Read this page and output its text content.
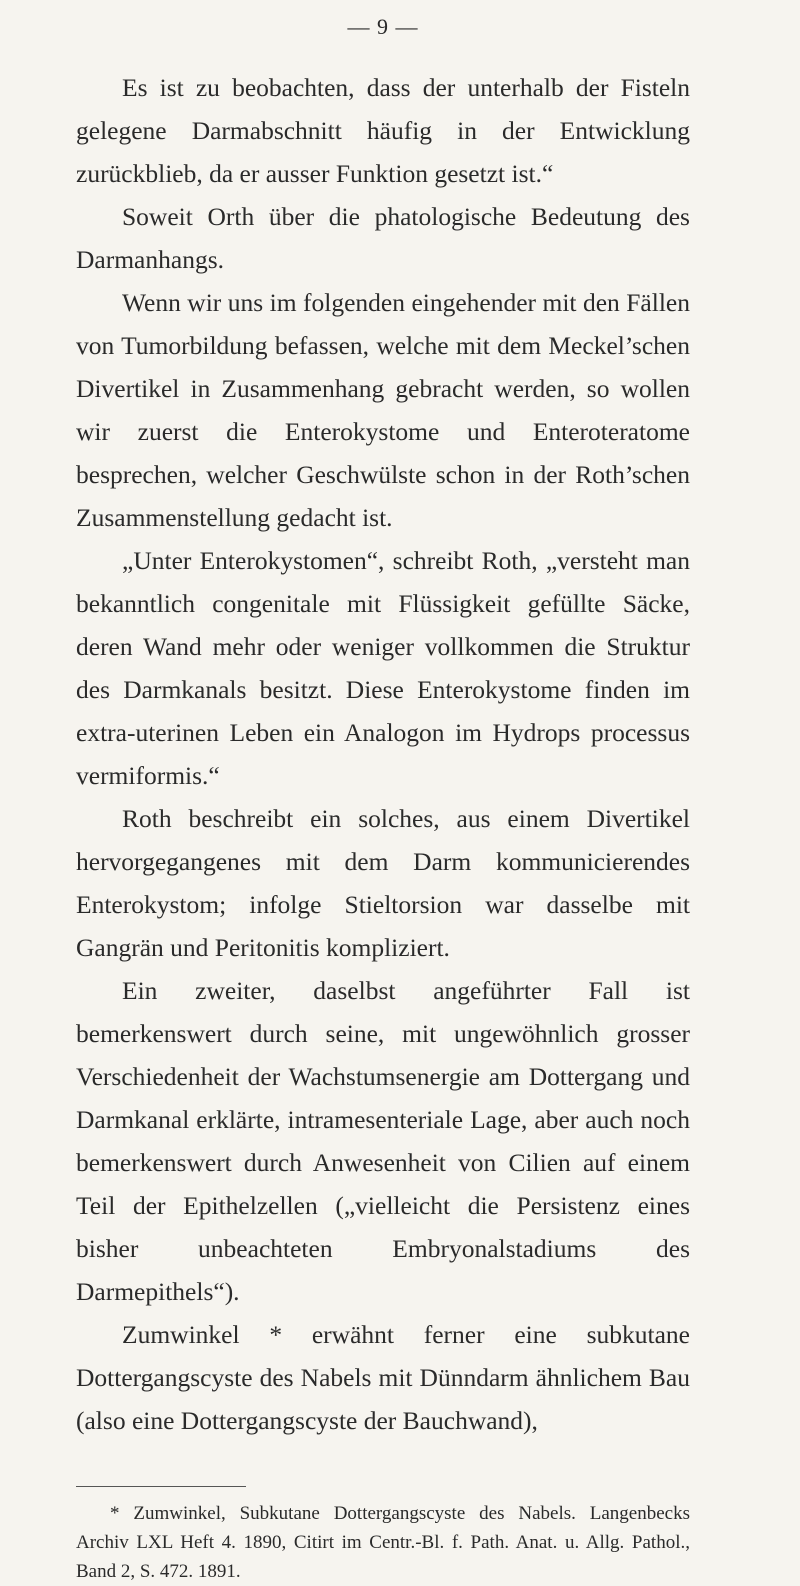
— 9 —

Es ist zu beobachten, dass der unterhalb der Fisteln gelegene Darmabschnitt häufig in der Entwicklung zurückblieb, da er ausser Funktion gesetzt ist.“

Soweit Orth über die phatologische Bedeutung des Darmanhangs.

Wenn wir uns im folgenden eingehender mit den Fällen von Tumorbildung befassen, welche mit dem Meckel’schen Divertikel in Zusammenhang gebracht werden, so wollen wir zuerst die Enterokystome und Enteroteratome besprechen, welcher Geschwülste schon in der Roth’schen Zusammenstellung gedacht ist.

„Unter Enterokystomen“, schreibt Roth, „versteht man bekanntlich congenitale mit Flüssigkeit gefüllte Säcke, deren Wand mehr oder weniger vollkommen die Struktur des Darmkanals besitzt. Diese Enterokystome finden im extra-uterinen Leben ein Analogon im Hydrops processus vermiformis.“

Roth beschreibt ein solches, aus einem Divertikel hervorgegangenes mit dem Darm kommunicierendes Enterokystom; infolge Stieltorsion war dasselbe mit Gangrän und Peritonitis kompliziert.

Ein zweiter, daselbst angeführter Fall ist bemerkenswert durch seine, mit ungewöhnlich grosser Verschiedenheit der Wachstumsenergie am Dottergang und Darmkanal erklärte, intramesenteriale Lage, aber auch noch bemerkenswert durch Anwesenheit von Cilien auf einem Teil der Epithelzellen („vielleicht die Persistenz eines bisher unbeachteten Embryonalstadiums des Darmepithels“).

Zumwinkel * erwähnt ferner eine subkutane Dottergangscyste des Nabels mit Dünndarm ähnlichem Bau (also eine Dottergangscyste der Bauchwand),

* Zumwinkel, Subkutane Dottergangscyste des Nabels. Langenbecks Archiv LXL Heft 4. 1890, Citirt im Centr.-Bl. f. Path. Anat. u. Allg. Pathol., Band 2, S. 472. 1891.
